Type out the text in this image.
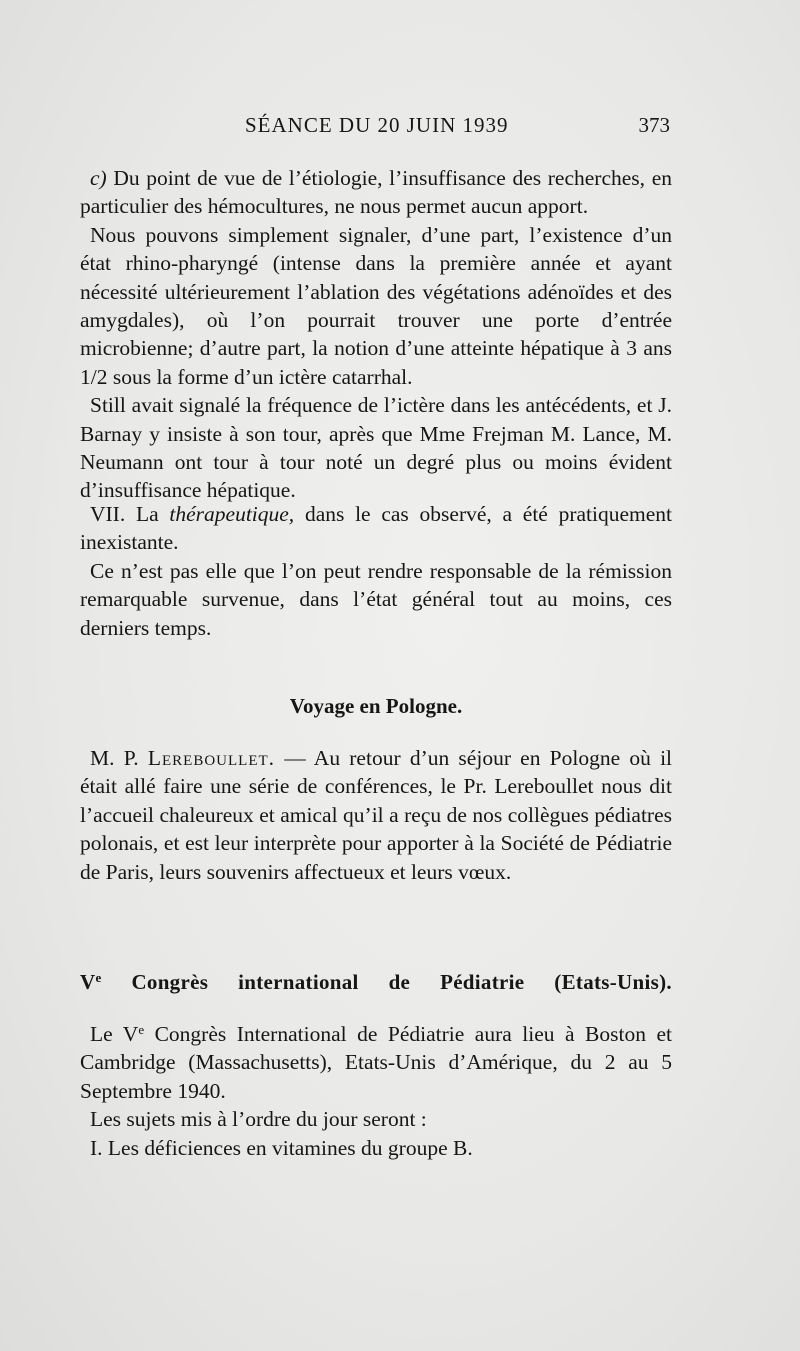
SÉANCE DU 20 JUIN 1939	373

c) Du point de vue de l’étiologie, l’insuffisance des recherches, en particulier des hémocultures, ne nous permet aucun apport.

Nous pouvons simplement signaler, d’une part, l’existence d’un état rhino-pharyngé (intense dans la première année et ayant nécessité ultérieurement l’ablation des végétations adénoïdes et des amygdales), où l’on pourrait trouver une porte d’entrée microbienne; d’autre part, la notion d’une atteinte hépatique à 3 ans 1/2 sous la forme d’un ictère catarrhal.

Still avait signalé la fréquence de l’ictère dans les antécédents, et J. Barnay y insiste à son tour, après que Mme Frejman M. Lance, M. Neumann ont tour à tour noté un degré plus ou moins évident d’insuffisance hépatique.

VII. La thérapeutique, dans le cas observé, a été pratiquement inexistante.

Ce n’est pas elle que l’on peut rendre responsable de la rémission remarquable survenue, dans l’état général tout au moins, ces derniers temps.

Voyage en Pologne.

M. P. Lereboullet. — Au retour d’un séjour en Pologne où il était allé faire une série de conférences, le Pr. Lereboullet nous dit l’accueil chaleureux et amical qu’il a reçu de nos collègues pédiatres polonais, et est leur interprète pour apporter à la Société de Pédiatrie de Paris, leurs souvenirs affectueux et leurs vœux.

Ve Congrès international de Pédiatrie (Etats-Unis).

Le Ve Congrès International de Pédiatrie aura lieu à Boston et Cambridge (Massachusetts), Etats-Unis d’Amérique, du 2 au 5 Septembre 1940.

Les sujets mis à l’ordre du jour seront :

I. Les déficiences en vitamines du groupe B.
